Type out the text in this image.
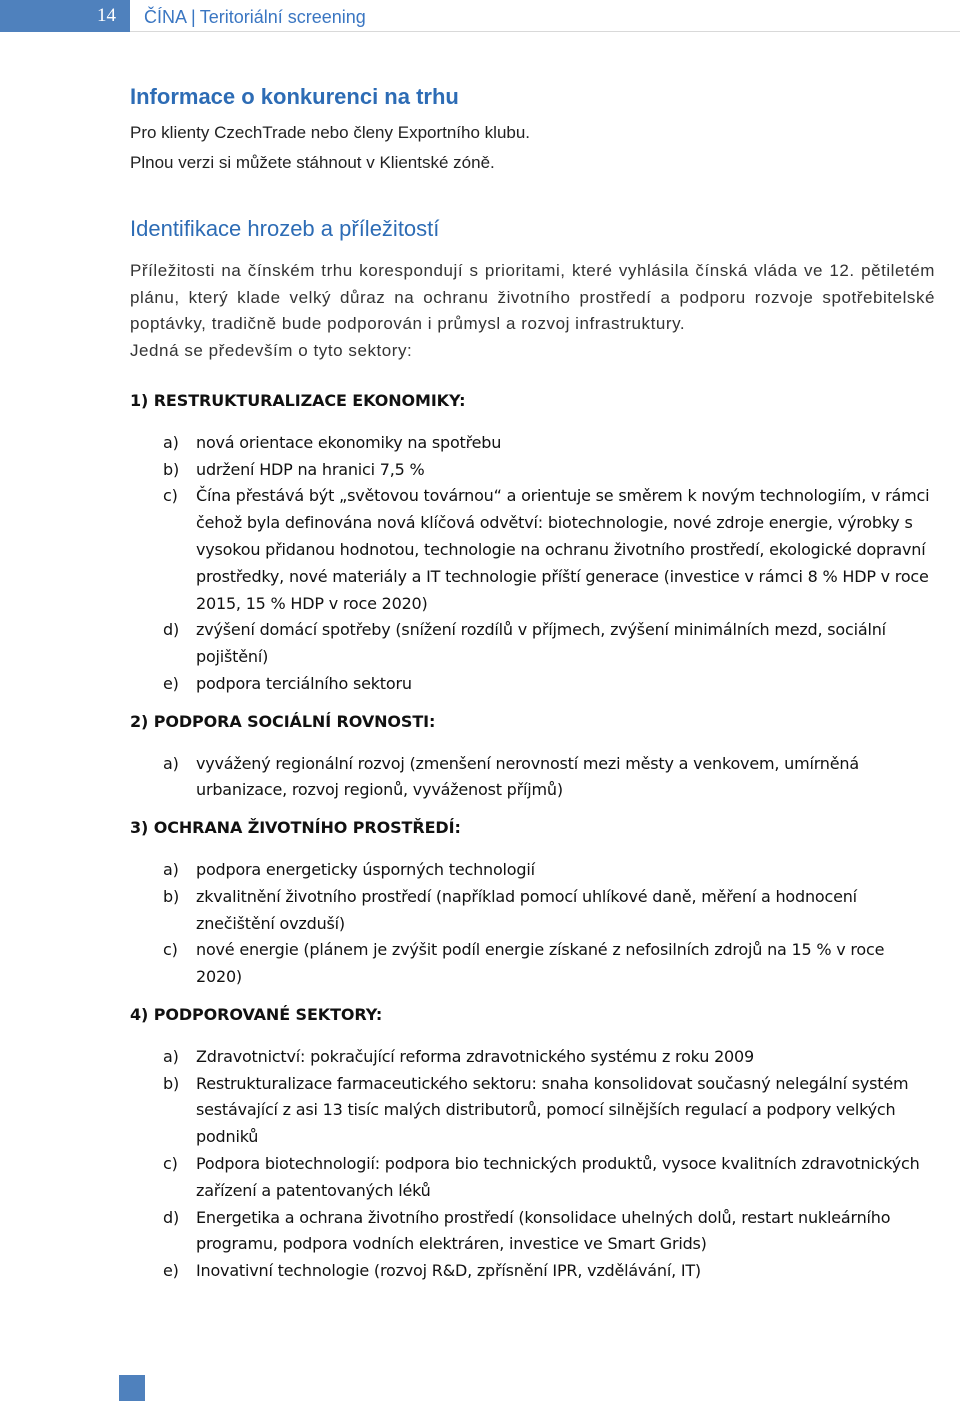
14	ČÍNA | Teritoriální screening
Informace o konkurenci na trhu

Pro klienty CzechTrade nebo členy Exportního klubu.

Plnou verzi si můžete stáhnout v Klientské zóně.

Identifikace hrozeb a příležitostí

Příležitosti na čínském trhu korespondují s prioritami, které vyhlásila čínská vláda ve 12. pětiletém plánu, který klade velký důraz na ochranu životního prostředí a podporu rozvoje spotřebitelské poptávky, tradičně bude podporován i průmysl a rozvoj infrastruktury.

Jedná se především o tyto sektory:

1) RESTRUKTURALIZACE EKONOMIKY:

a) nová orientace ekonomiky na spotřebu
b) udržení HDP na hranici 7,5 %
c) Čína přestává být „světovou továrnou“ a orientuje se směrem k novým technologiím, v rámci čehož byla definována nová klíčová odvětví: biotechnologie, nové zdroje energie, výrobky s vysokou přidanou hodnotou, technologie na ochranu životního prostředí, ekologické dopravní prostředky, nové materiály a IT technologie příští generace (investice v rámci 8 % HDP v roce 2015, 15 % HDP v roce 2020)
d) zvýšení domácí spotřeby (snížení rozdílů v příjmech, zvýšení minimálních mezd, sociální pojištění)
e) podpora terciálního sektoru

2) PODPORA SOCIÁLNÍ ROVNOSTI:

a) vyvážený regionální rozvoj (zmenšení nerovností mezi městy a venkovem, umírněná urbanizace, rozvoj regionů, vyváženost příjmů)

3) OCHRANA ŽIVOTNÍHO PROSTŘEDÍ:

a) podpora energeticky úsporných technologií
b) zkvalitnění životního prostředí (například pomocí uhlíkové daně, měření a hodnocení znečištění ovzduší)
c) nové energie (plánem je zvýšit podíl energie získané z nefosilních zdrojů na 15 % v roce 2020)

4) PODPOROVANÉ SEKTORY:

a) Zdravotnictví: pokračující reforma zdravotnického systému z roku 2009
b) Restrukturalizace farmaceutického sektoru: snaha konsolidovat současný nelegální systém sestávající z asi 13 tisíc malých distributorů, pomocí silnějších regulací a podpory velkých podniků
c) Podpora biotechnologií: podpora bio technických produktů, vysoce kvalitních zdravotnických zařízení a patentovaných léků
d) Energetika a ochrana životního prostředí (konsolidace uhelných dolů, restart nukleárního programu, podpora vodních elektráren, investice ve Smart Grids)
e) Inovativní technologie (rozvoj R&D, zpřísnění IPR, vzdělávání, IT)
